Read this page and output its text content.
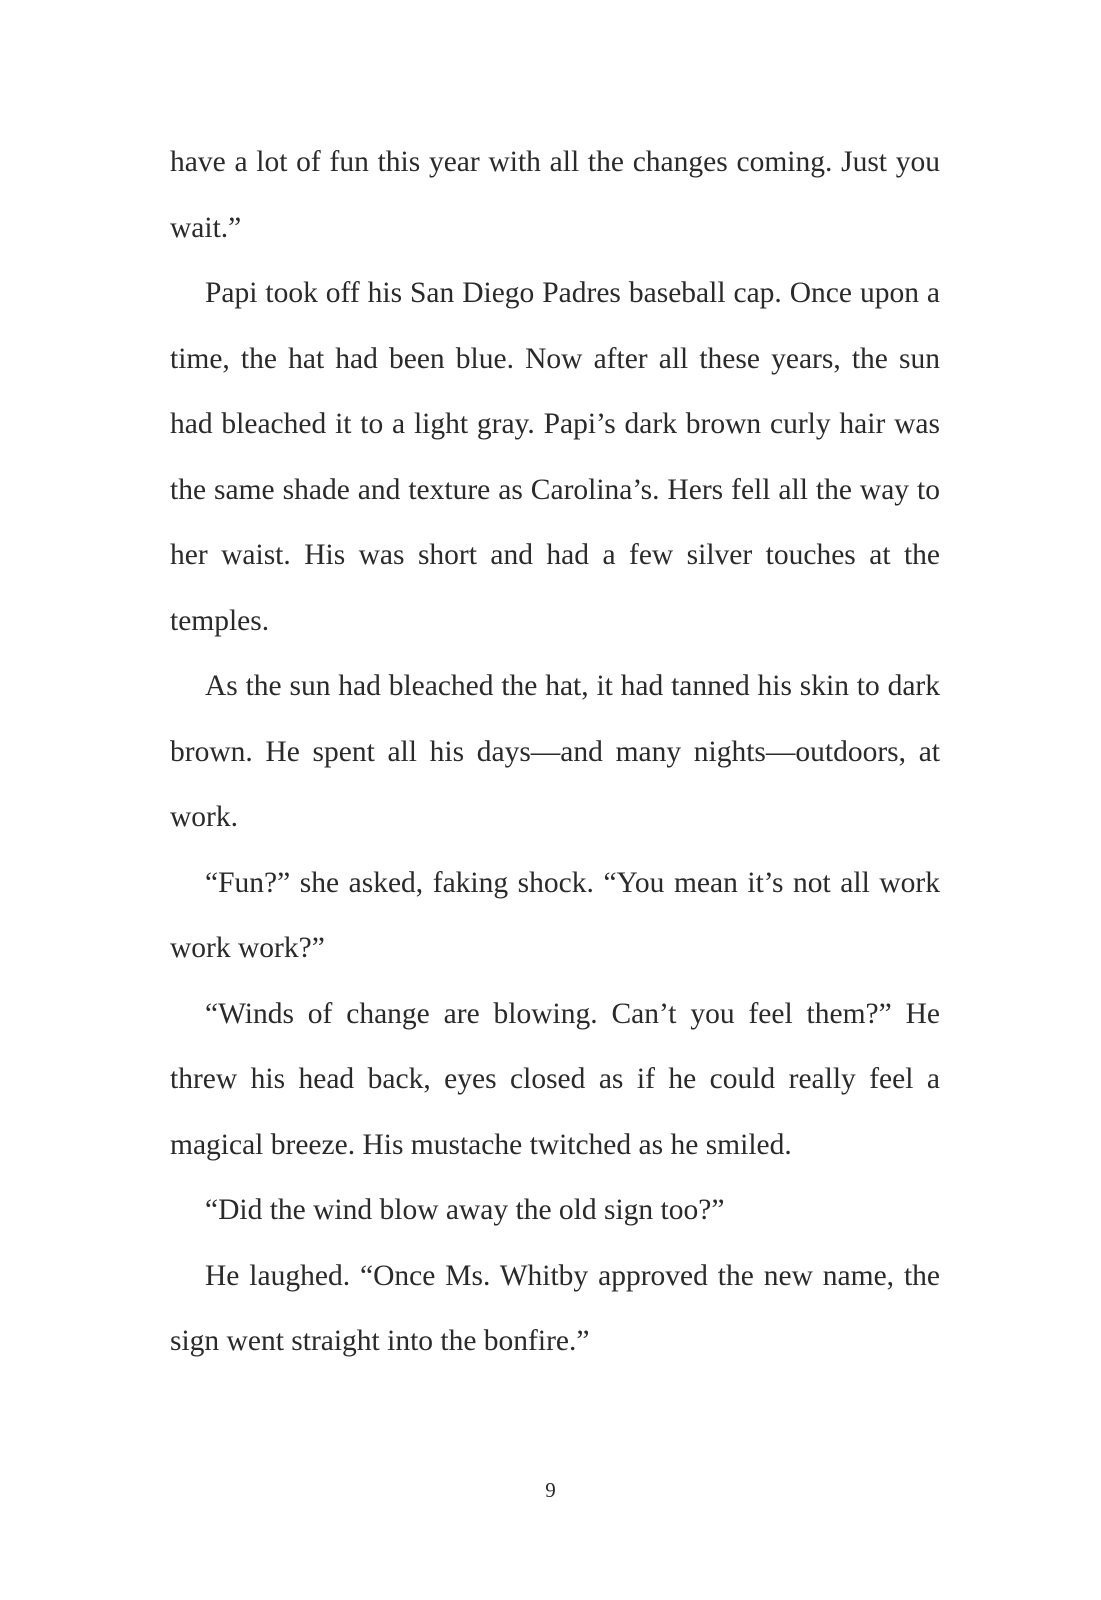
have a lot of fun this year with all the changes coming. Just you wait.”

Papi took off his San Diego Padres baseball cap. Once upon a time, the hat had been blue. Now after all these years, the sun had bleached it to a light gray. Papi’s dark brown curly hair was the same shade and texture as Carolina’s. Hers fell all the way to her waist. His was short and had a few silver touches at the temples.

As the sun had bleached the hat, it had tanned his skin to dark brown. He spent all his days—and many nights—outdoors, at work.

“Fun?” she asked, faking shock. “You mean it’s not all work work work?”

“Winds of change are blowing. Can’t you feel them?” He threw his head back, eyes closed as if he could really feel a magical breeze. His mustache twitched as he smiled.

“Did the wind blow away the old sign too?”

He laughed. “Once Ms. Whitby approved the new name, the sign went straight into the bonfire.”

9
